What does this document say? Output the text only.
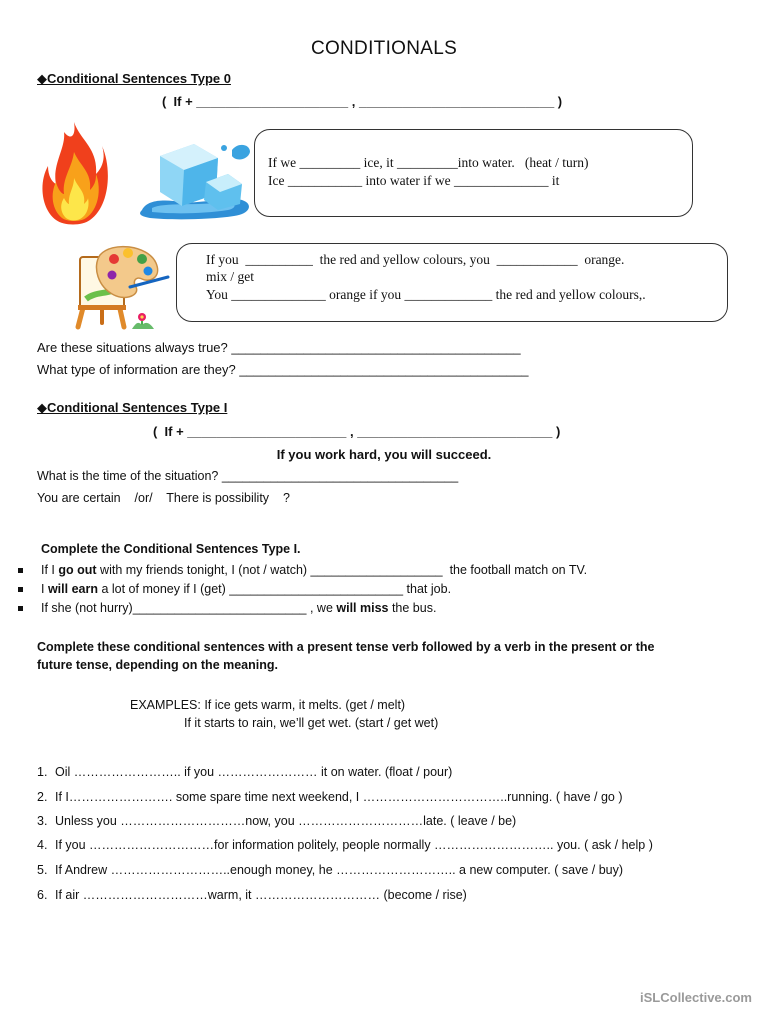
CONDITIONALS
◆Conditional Sentences Type 0
(  If + _____________________ , ___________________________ )
If we _________ ice, it _________into water.   (heat / turn)
Ice ___________ into water if we ______________ it
If you  __________  the red and yellow colours, you  ____________  orange.
mix / get
You ______________ orange if you _____________ the red and yellow colours,.
Are these situations always true? ________________________________________
What type of information are they? ________________________________________
◆Conditional Sentences Type I
(  If + ______________________ , ___________________________ )
If you work hard, you will succeed.
What is the time of the situation? __________________________________
You are certain    /or/    There is possibility    ?
Complete the Conditional Sentences Type I.
If I go out with my friends tonight, I (not / watch) ___________________  the football match on TV.
I will earn a lot of money if I (get) _________________________ that job.
If she (not hurry)_________________________ , we will miss the bus.
Complete these conditional sentences with a present tense verb followed by a verb in the present or the
future tense, depending on the meaning.
EXAMPLES: If ice gets warm, it melts. (get / melt)
If it starts to rain, we’ll get wet. (start / get wet)
1. Oil …………………….. if you …………………… it on water. (float / pour)
2. If I……………………. some spare time next weekend, I ……………………………..running. ( have / go )
3. Unless you …………………………now, you …………………………late. ( leave / be)
4. If you …………………………for information politely, people normally ……………………….. you. ( ask / help )
5. If Andrew ………………………..enough money, he ……………………….. a new computer. ( save / buy)
6. If air …………………………warm, it ………………………… (become / rise)
iSLCollective.com
